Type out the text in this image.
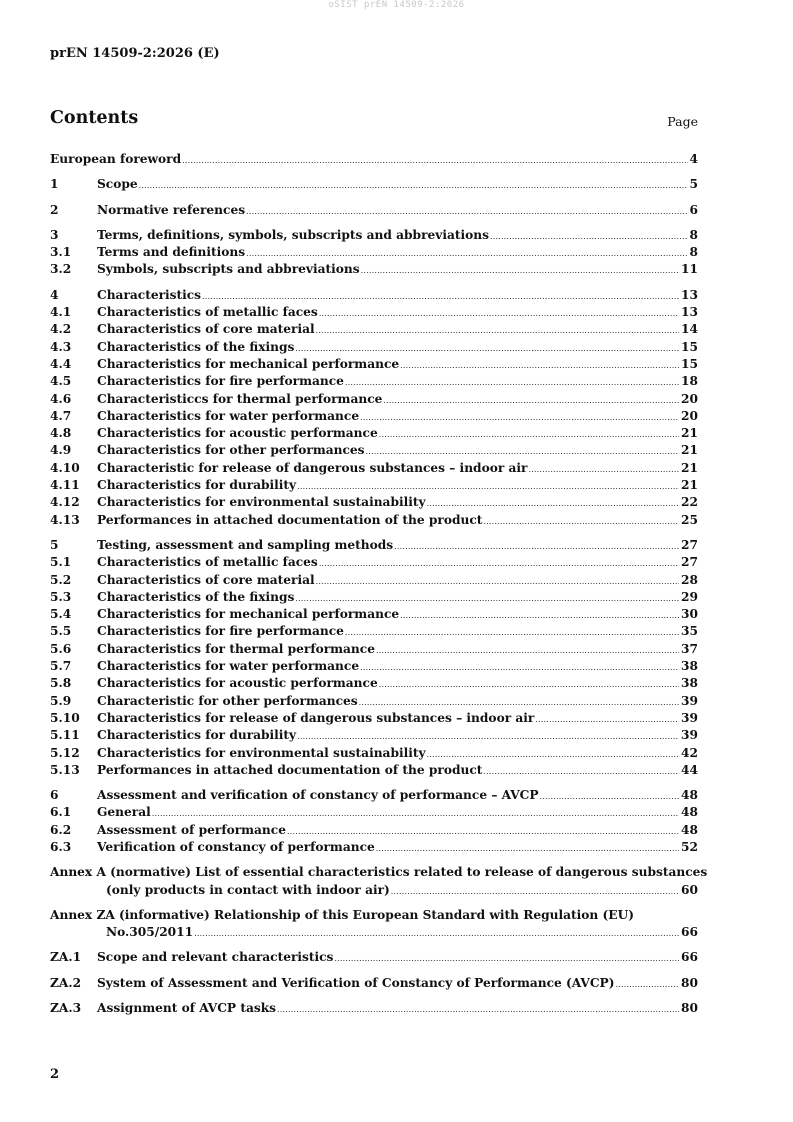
oSIST prEN 14509-2:2026
prEN 14509-2:2026 (E)
Contents	Page
European foreword .....	4
1	Scope .....	5
2	Normative references .....	6
3	Terms, definitions, symbols, subscripts and abbreviations .....	8
3.1	Terms and definitions .....	8
3.2	Symbols, subscripts and abbreviations .....	11
4	Characteristics .....	13
4.1	Characteristics of metallic faces .....	13
4.2	Characteristics of core material .....	14
4.3	Characteristics of the fixings .....	15
4.4	Characteristics for mechanical performance .....	15
4.5	Characteristics for fire performance .....	18
4.6	Characteristiccs for thermal performance .....	20
4.7	Characteristics for water performance .....	20
4.8	Characteristics for acoustic performance .....	21
4.9	Characteristics for other performances .....	21
4.10	Characteristic for release of dangerous substances – indoor air .....	21
4.11	Characteristics for durability .....	21
4.12	Characteristics for environmental sustainability .....	22
4.13	Performances in attached documentation of the product .....	25
5	Testing, assessment and sampling methods .....	27
5.1	Characteristics of metallic faces .....	27
5.2	Characteristics of core material .....	28
5.3	Characteristics of the fixings .....	29
5.4	Characteristics for mechanical performance .....	30
5.5	Characteristics for fire performance .....	35
5.6	Characteristics for thermal performance .....	37
5.7	Characteristics for water performance .....	38
5.8	Characteristics for acoustic performance .....	38
5.9	Characteristic for other performances .....	39
5.10	Characteristics for release of dangerous substances – indoor air .....	39
5.11	Characteristics for durability .....	39
5.12	Characteristics for environmental sustainability .....	42
5.13	Performances in attached documentation of the product .....	44
6	Assessment and verification of constancy of performance – AVCP .....	48
6.1	General .....	48
6.2	Assessment of performance .....	48
6.3	Verification of constancy of performance .....	52
Annex A (normative) List of essential characteristics related to release of dangerous substances
(only products in contact with indoor air) .....	60
Annex ZA (informative) Relationship of this European Standard with Regulation (EU)
No.305/2011 .....	66
ZA.1	Scope and relevant characteristics .....	66
ZA.2	System of Assessment and Verification of Constancy of Performance (AVCP) .....	80
ZA.3	Assignment of AVCP tasks .....	80
2
